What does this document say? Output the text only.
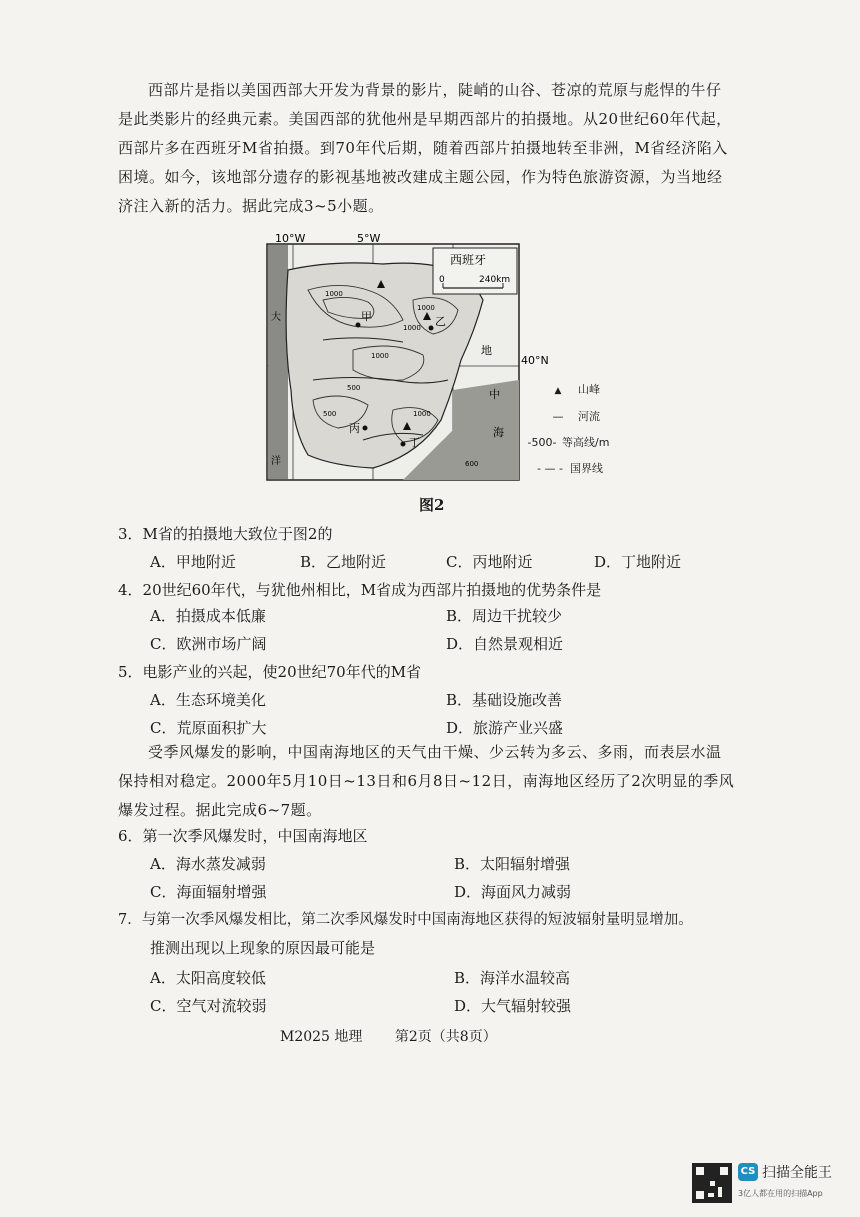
西部片是指以美国西部大开发为背景的影片，陡峭的山谷、苍凉的荒原与彪悍的牛仔是此类影片的经典元素。美国西部的犹他州是早期西部片的拍摄地。从20世纪60年代起，西部片多在西班牙M省拍摄。到70年代后期，随着西部片拍摄地转至非洲，M省经济陷入困境。如今，该地部分遗存的影视基地被改建成主题公园，作为特色旅游资源，为当地经济注入新的活力。据此完成3~5小题。

10°W	5°W
40°N
西班牙
0	240km
甲	乙
丙
丁
地
中
海
大
洋
1000
500
1000
1000
500	1000
600
1000
▲ 山峰
— 河流
-500- 等高线/m
- — - 国界线
图2

3．M省的拍摄地大致位于图2的

A．甲地附近	B．乙地附近	C．丙地附近	D．丁地附近

4．20世纪60年代，与犹他州相比，M省成为西部片拍摄地的优势条件是

A．拍摄成本低廉	B．周边干扰较少

C．欧洲市场广阔	D．自然景观相近

5．电影产业的兴起，使20世纪70年代的M省

A．生态环境美化	B．基础设施改善

C．荒原面积扩大	D．旅游产业兴盛

受季风爆发的影响，中国南海地区的天气由干燥、少云转为多云、多雨，而表层水温保持相对稳定。2000年5月10日~13日和6月8日~12日，南海地区经历了2次明显的季风爆发过程。据此完成6~7题。

6．第一次季风爆发时，中国南海地区

A．海水蒸发减弱	B．太阳辐射增强

C．海面辐射增强	D．海面风力减弱

7．与第一次季风爆发相比，第二次季风爆发时中国南海地区获得的短波辐射量明显增加。

推测出现以上现象的原因最可能是

A．太阳高度较低	B．海洋水温较高

C．空气对流较弱	D．大气辐射较强

M2025 地理 第2页（共8页）
CS 扫描全能王
3亿人都在用的扫描App
